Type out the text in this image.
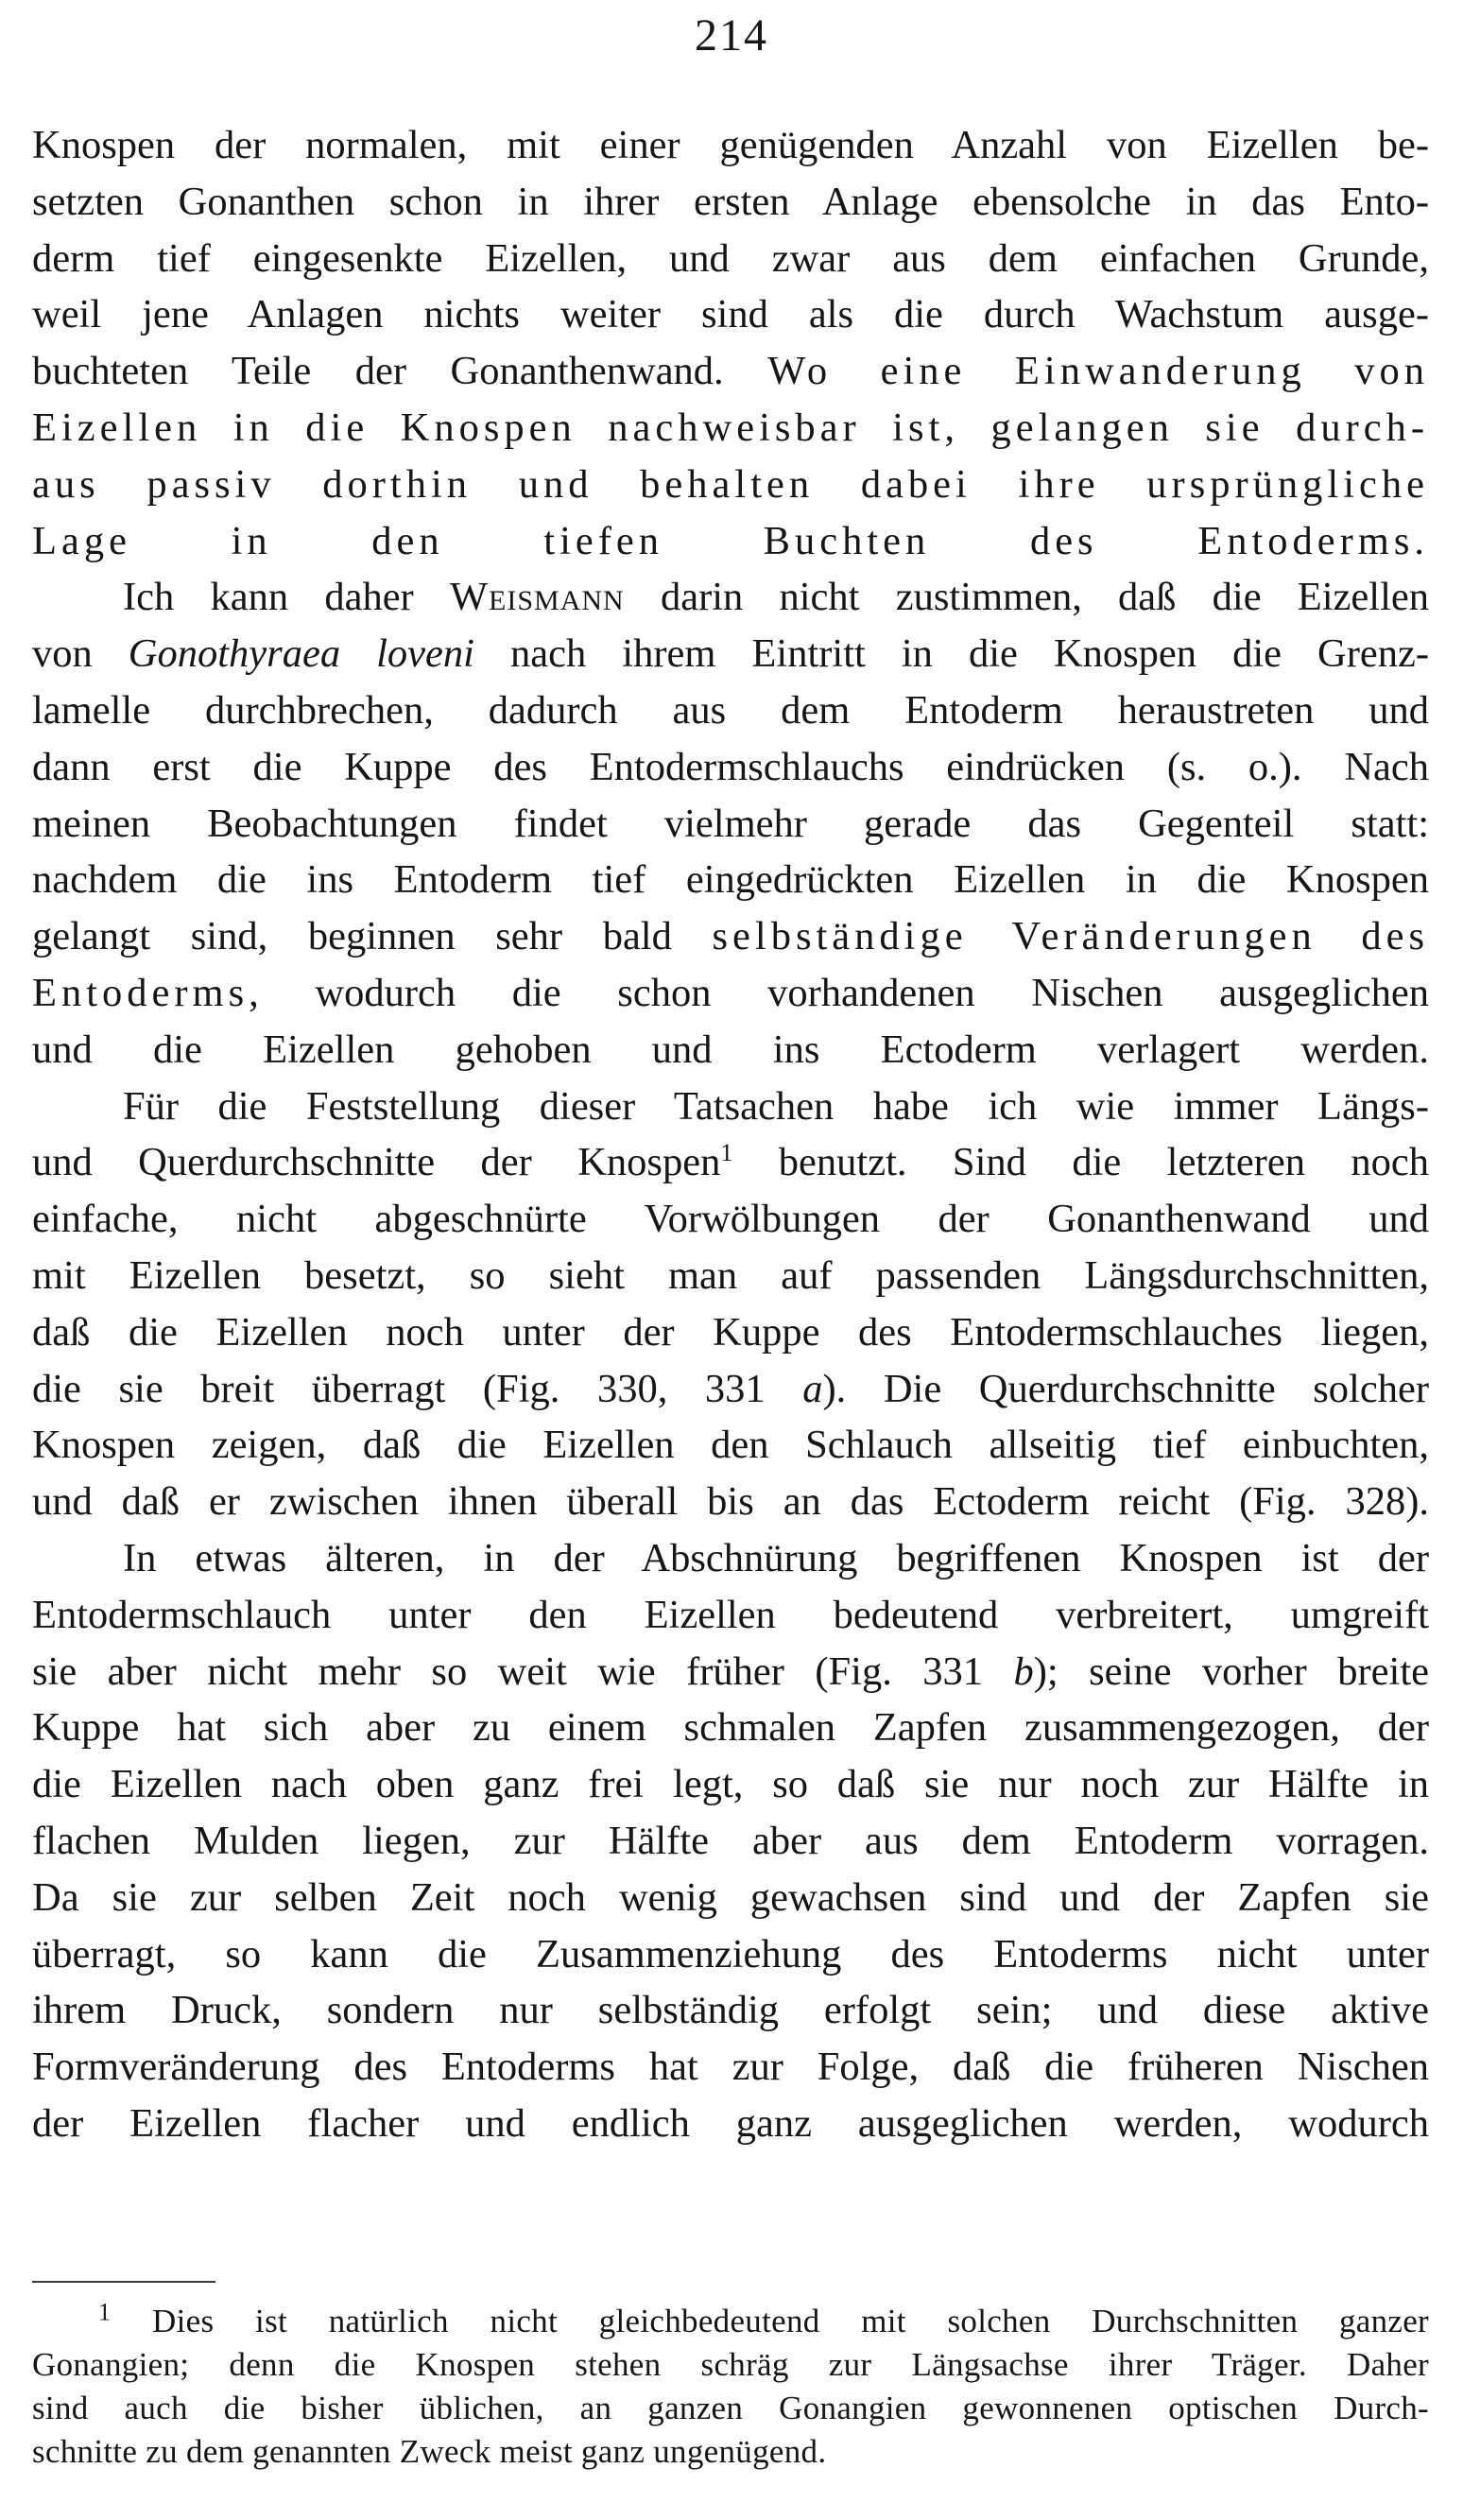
214
Knospen der normalen, mit einer genügenden Anzahl von Eizellen be-
setzten Gonanthen schon in ihrer ersten Anlage ebensolche in das Ento-
derm tief eingesenkte Eizellen, und zwar aus dem einfachen Grunde,
weil jene Anlagen nichts weiter sind als die durch Wachstum ausge-
buchteten Teile der Gonanthenwand. Wo eine Einwanderung von
Eizellen in die Knospen nachweisbar ist, gelangen sie durch-
aus passiv dorthin und behalten dabei ihre ursprüngliche
Lage in den tiefen Buchten des Entoderms.
Ich kann daher Weismann darin nicht zustimmen, daß die Eizellen
von Gonothyraea loveni nach ihrem Eintritt in die Knospen die Grenz-
lamelle durchbrechen, dadurch aus dem Entoderm heraustreten und
dann erst die Kuppe des Entodermschlauchs eindrücken (s. o.). Nach
meinen Beobachtungen findet vielmehr gerade das Gegenteil statt:
nachdem die ins Entoderm tief eingedrückten Eizellen in die Knospen
gelangt sind, beginnen sehr bald selbständige Veränderungen des
Entoderms, wodurch die schon vorhandenen Nischen ausgeglichen
und die Eizellen gehoben und ins Ectoderm verlagert werden.
Für die Feststellung dieser Tatsachen habe ich wie immer Längs-
und Querdurchschnitte der Knospen$^1$ benutzt. Sind die letzteren noch
einfache, nicht abgeschnürte Vorwölbungen der Gonanthenwand und
mit Eizellen besetzt, so sieht man auf passenden Längsdurchschnitten,
daß die Eizellen noch unter der Kuppe des Entodermschlauches liegen,
die sie breit überragt (Fig. 330, 331 a). Die Querdurchschnitte solcher
Knospen zeigen, daß die Eizellen den Schlauch allseitig tief einbuchten,
und daß er zwischen ihnen überall bis an das Ectoderm reicht (Fig. 328).
In etwas älteren, in der Abschnürung begriffenen Knospen ist der
Entodermschlauch unter den Eizellen bedeutend verbreitert, umgreift
sie aber nicht mehr so weit wie früher (Fig. 331 b); seine vorher breite
Kuppe hat sich aber zu einem schmalen Zapfen zusammengezogen, der
die Eizellen nach oben ganz frei legt, so daß sie nur noch zur Hälfte in
flachen Mulden liegen, zur Hälfte aber aus dem Entoderm vorragen.
Da sie zur selben Zeit noch wenig gewachsen sind und der Zapfen sie
überragt, so kann die Zusammenziehung des Entoderms nicht unter
ihrem Druck, sondern nur selbständig erfolgt sein; und diese aktive
Formveränderung des Entoderms hat zur Folge, daß die früheren Nischen
der Eizellen flacher und endlich ganz ausgeglichen werden, wodurch
$^1$ Dies ist natürlich nicht gleichbedeutend mit solchen Durchschnitten ganzer
Gonangien; denn die Knospen stehen schräg zur Längsachse ihrer Träger. Daher
sind auch die bisher üblichen, an ganzen Gonangien gewonnenen optischen Durch-
schnitte zu dem genannten Zweck meist ganz ungenügend.
